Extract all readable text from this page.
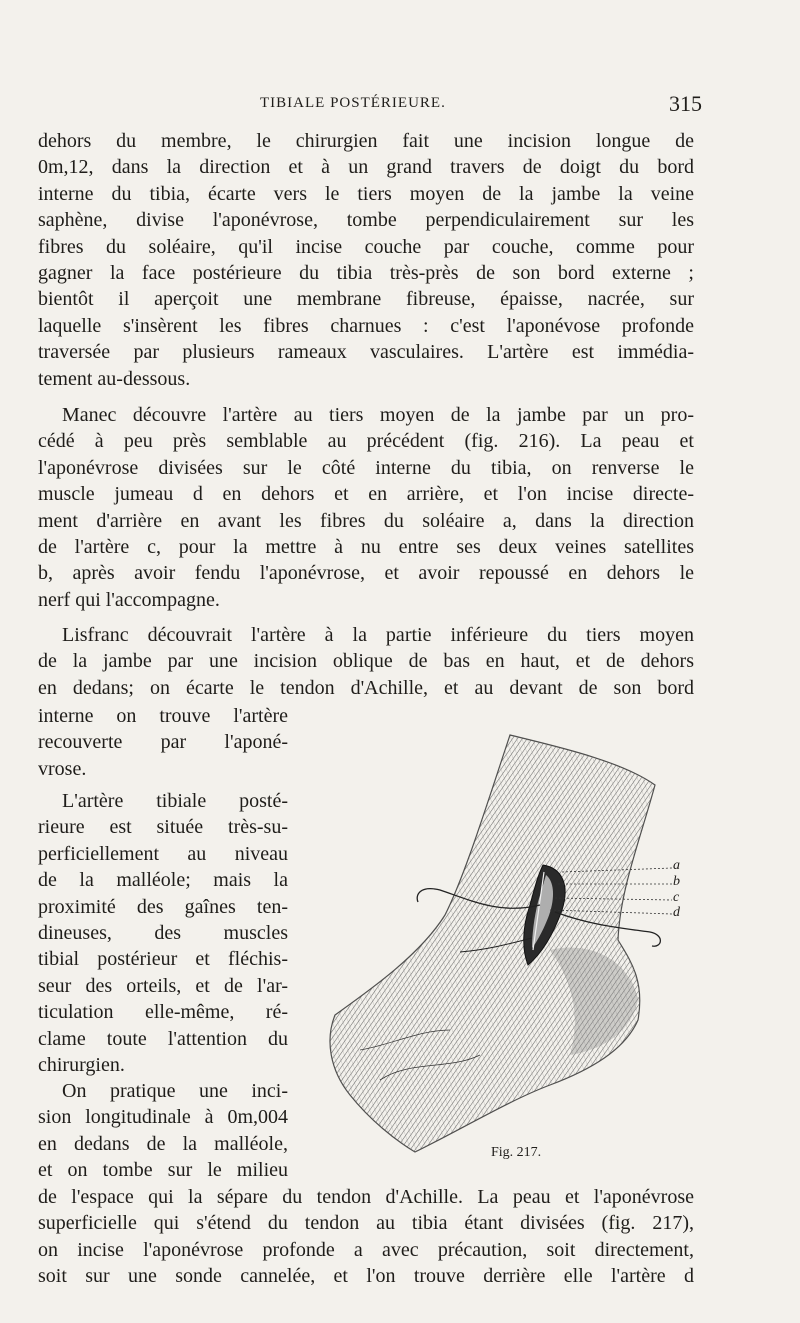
TIBIALE POSTÉRIEURE.	315
dehors du membre, le chirurgien fait une incision longue de
0m,12, dans la direction et à un grand travers de doigt du bord
interne du tibia, écarte vers le tiers moyen de la jambe la veine
saphène, divise l'aponévrose, tombe perpendiculairement sur les
fibres du soléaire, qu'il incise couche par couche, comme pour
gagner la face postérieure du tibia très-près de son bord externe ;
bientôt il aperçoit une membrane fibreuse, épaisse, nacrée, sur
laquelle s'insèrent les fibres charnues : c'est l'aponévose profonde
traversée par plusieurs rameaux vasculaires. L'artère est immédia-
tement au-dessous.
Manec découvre l'artère au tiers moyen de la jambe par un pro-
cédé à peu près semblable au précédent (fig. 216). La peau et
l'aponévrose divisées sur le côté interne du tibia, on renverse le
muscle jumeau d en dehors et en arrière, et l'on incise directe-
ment d'arrière en avant les fibres du soléaire a, dans la direction
de l'artère c, pour la mettre à nu entre ses deux veines satellites
b, après avoir fendu l'aponévrose, et avoir repoussé en dehors le
nerf qui l'accompagne.
Lisfranc découvrait l'artère à la partie inférieure du tiers moyen
de la jambe par une incision oblique de bas en haut, et de dehors
en dedans; on écarte le tendon d'Achille, et au devant de son bord
interne on trouve l'artère
recouverte par l'aponé-
vrose.
L'artère tibiale posté-
rieure est située très-su-
perficiellement au niveau
de la malléole; mais la
proximité des gaînes ten-
dineuses, des muscles
tibial postérieur et fléchis-
seur des orteils, et de l'ar-
ticulation elle-même, ré-
clame toute l'attention du
chirurgien.
On pratique une inci-
sion longitudinale à 0m,004
en dedans de la malléole,
et on tombe sur le milieu
de l'espace qui la sépare du tendon d'Achille. La peau et l'aponévrose
superficielle qui s'étend du tendon au tibia étant divisées (fig. 217),
on incise l'aponévrose profonde a avec précaution, soit directement,
soit sur une sonde cannelée, et l'on trouve derrière elle l'artère d
a
b
c
d
Fig. 217.
